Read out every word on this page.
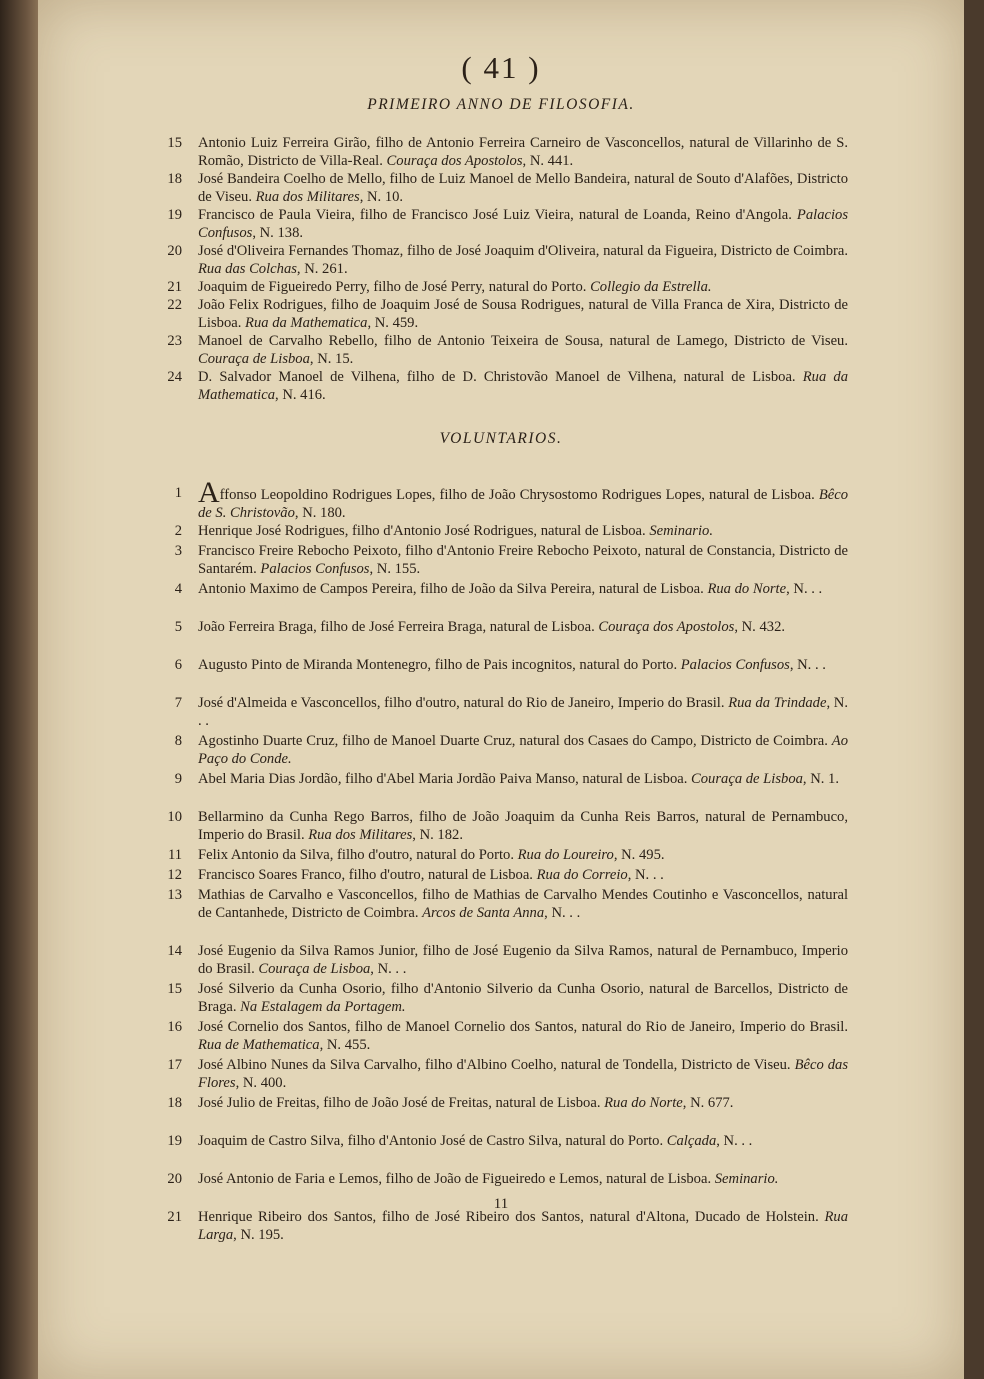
( 41 )
PRIMEIRO ANNO DE FILOSOFIA.
15 Antonio Luiz Ferreira Girão, filho de Antonio Ferreira Carneiro de Vasconcellos, natural de Villarinho de S. Romão, Districto de Villa-Real. Couraça dos Apostolos, N. 441.
18 José Bandeira Coelho de Mello, filho de Luiz Manoel de Mello Bandeira, natural de Souto d'Alafões, Districto de Viseu. Rua dos Militares, N. 10.
19 Francisco de Paula Vieira, filho de Francisco José Luiz Vieira, natural de Loanda, Reino d'Angola. Palacios Confusos, N. 138.
20 José d'Oliveira Fernandes Thomaz, filho de José Joaquim d'Oliveira, natural da Figueira, Districto de Coimbra. Rua das Colchas, N. 261.
21 Joaquim de Figueiredo Perry, filho de José Perry, natural do Porto. Collegio da Estrella.
22 João Felix Rodrigues, filho de Joaquim José de Sousa Rodrigues, natural de Villa Franca de Xira, Districto de Lisboa. Rua da Mathematica, N. 459.
23 Manoel de Carvalho Rebello, filho de Antonio Teixeira de Sousa, natural de Lamego, Districto de Viseu. Couraça de Lisboa, N. 15.
24 D. Salvador Manoel de Vilhena, filho de D. Christovão Manoel de Vilhena, natural de Lisboa. Rua da Mathematica, N. 416.
VOLUNTARIOS.
1 Affonso Leopoldino Rodrigues Lopes, filho de João Chrysostomo Rodrigues Lopes, natural de Lisboa. Bêco de S. Christovão, N. 180.
2 Henrique José Rodrigues, filho d'Antonio José Rodrigues, natural de Lisboa. Seminario.
3 Francisco Freire Rebocho Peixoto, filho d'Antonio Freire Rebocho Peixoto, natural de Constancia, Districto de Santarém. Palacios Confusos, N. 155.
4 Antonio Maximo de Campos Pereira, filho de João da Silva Pereira, natural de Lisboa. Rua do Norte, N. . .
5 João Ferreira Braga, filho de José Ferreira Braga, natural de Lisboa. Couraça dos Apostolos, N. 432.
6 Augusto Pinto de Miranda Montenegro, filho de Pais incognitos, natural do Porto. Palacios Confusos, N. . .
7 José d'Almeida e Vasconcellos, filho d'outro, natural do Rio de Janeiro, Imperio do Brasil. Rua da Trindade, N. . .
8 Agostinho Duarte Cruz, filho de Manoel Duarte Cruz, natural dos Casaes do Campo, Districto de Coimbra. Ao Paço do Conde.
9 Abel Maria Dias Jordão, filho d'Abel Maria Jordão Paiva Manso, natural de Lisboa. Couraça de Lisboa, N. 1.
10 Bellarmino da Cunha Rego Barros, filho de João Joaquim da Cunha Reis Barros, natural de Pernambuco, Imperio do Brasil. Rua dos Militares, N. 182.
11 Felix Antonio da Silva, filho d'outro, natural do Porto. Rua do Loureiro, N. 495.
12 Francisco Soares Franco, filho d'outro, natural de Lisboa. Rua do Correio, N. . .
13 Mathias de Carvalho e Vasconcellos, filho de Mathias de Carvalho Mendes Coutinho e Vasconcellos, natural de Cantanhede, Districto de Coimbra. Arcos de Santa Anna, N. . .
14 José Eugenio da Silva Ramos Junior, filho de José Eugenio da Silva Ramos, natural de Pernambuco, Imperio do Brasil. Couraça de Lisboa, N. . .
15 José Silverio da Cunha Osorio, filho d'Antonio Silverio da Cunha Osorio, natural de Barcellos, Districto de Braga. Na Estalagem da Portagem.
16 José Cornelio dos Santos, filho de Manoel Cornelio dos Santos, natural do Rio de Janeiro, Imperio do Brasil. Rua de Mathematica, N. 455.
17 José Albino Nunes da Silva Carvalho, filho d'Albino Coelho, natural de Tondella, Districto de Viseu. Bêco das Flores, N. 400.
18 José Julio de Freitas, filho de João José de Freitas, natural de Lisboa. Rua do Norte, N. 677.
19 Joaquim de Castro Silva, filho d'Antonio José de Castro Silva, natural do Porto. Calçada, N. . .
20 José Antonio de Faria e Lemos, filho de João de Figueiredo e Lemos, natural de Lisboa. Seminario.
21 Henrique Ribeiro dos Santos, filho de José Ribeiro dos Santos, natural d'Altona, Ducado de Holstein. Rua Larga, N. 195.
11
